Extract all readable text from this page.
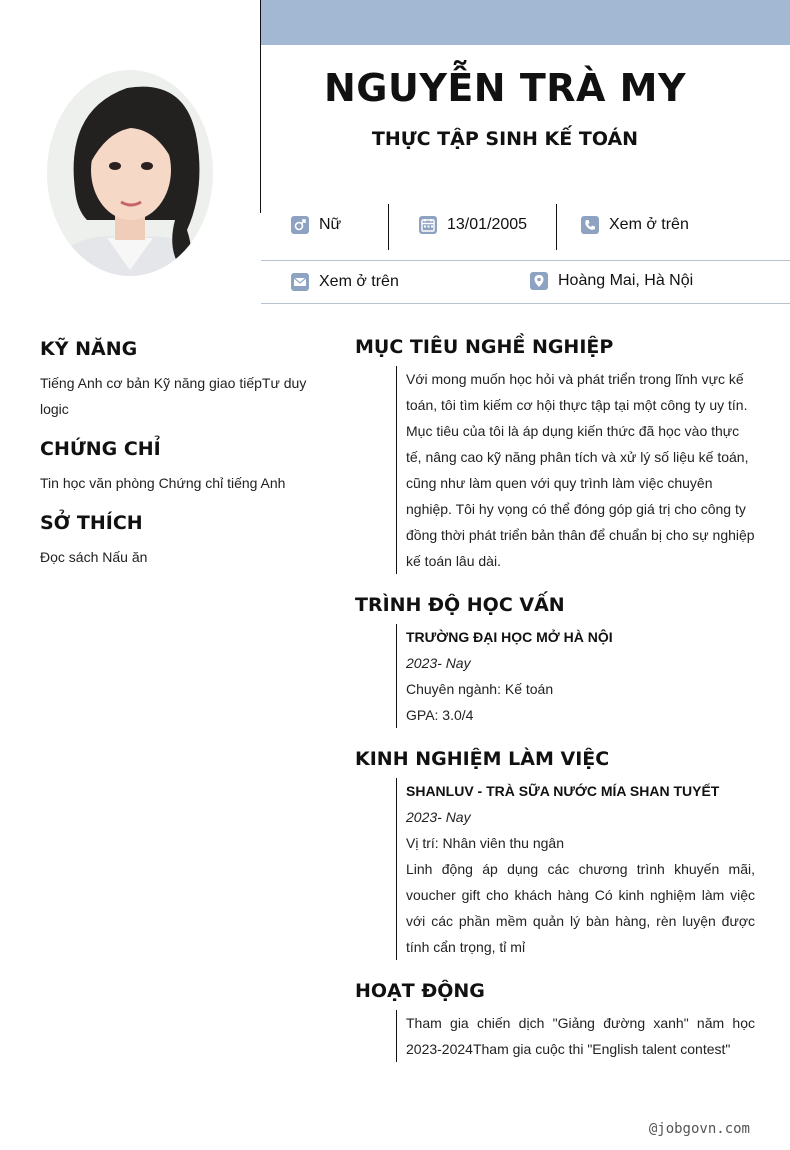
NGUYỄN TRÀ MY
THỰC TẬP SINH KẾ TOÁN
Nữ	13/01/2005	Xem ở trên
Xem ở trên	Hoàng Mai, Hà Nội
KỸ NĂNG

Tiếng Anh cơ bản Kỹ năng giao tiếpTư duy logic

CHỨNG CHỈ

Tin học văn phòng Chứng chỉ tiếng Anh

SỞ THÍCH

Đọc sách Nấu ăn

MỤC TIÊU NGHỀ NGHIỆP
Với mong muốn học hỏi và phát triển trong lĩnh vực kế toán, tôi tìm kiếm cơ hội thực tập tại một công ty uy tín. Mục tiêu của tôi là áp dụng kiến thức đã học vào thực tế, nâng cao kỹ năng phân tích và xử lý số liệu kế toán, cũng như làm quen với quy trình làm việc chuyên nghiệp. Tôi hy vọng có thể đóng góp giá trị cho công ty đồng thời phát triển bản thân để chuẩn bị cho sự nghiệp kế toán lâu dài.
TRÌNH ĐỘ HỌC VẤN
TRƯỜNG ĐẠI HỌC MỞ HÀ NỘI
2023- Nay
Chuyên ngành: Kế toán
GPA: 3.0/4
KINH NGHIỆM LÀM VIỆC
SHANLUV - TRÀ SỮA NƯỚC MÍA SHAN TUYẾT
2023- Nay
Vị trí: Nhân viên thu ngân
Linh động áp dụng các chương trình khuyến mãi, voucher gift cho khách hàng Có kinh nghiệm làm việc với các phần mềm quản lý bàn hàng, rèn luyện được tính cẩn trọng, tỉ mỉ
HOẠT ĐỘNG
Tham gia chiến dịch "Giảng đường xanh" năm học 2023-2024Tham gia cuộc thi "English talent contest"
@jobgovn.com
